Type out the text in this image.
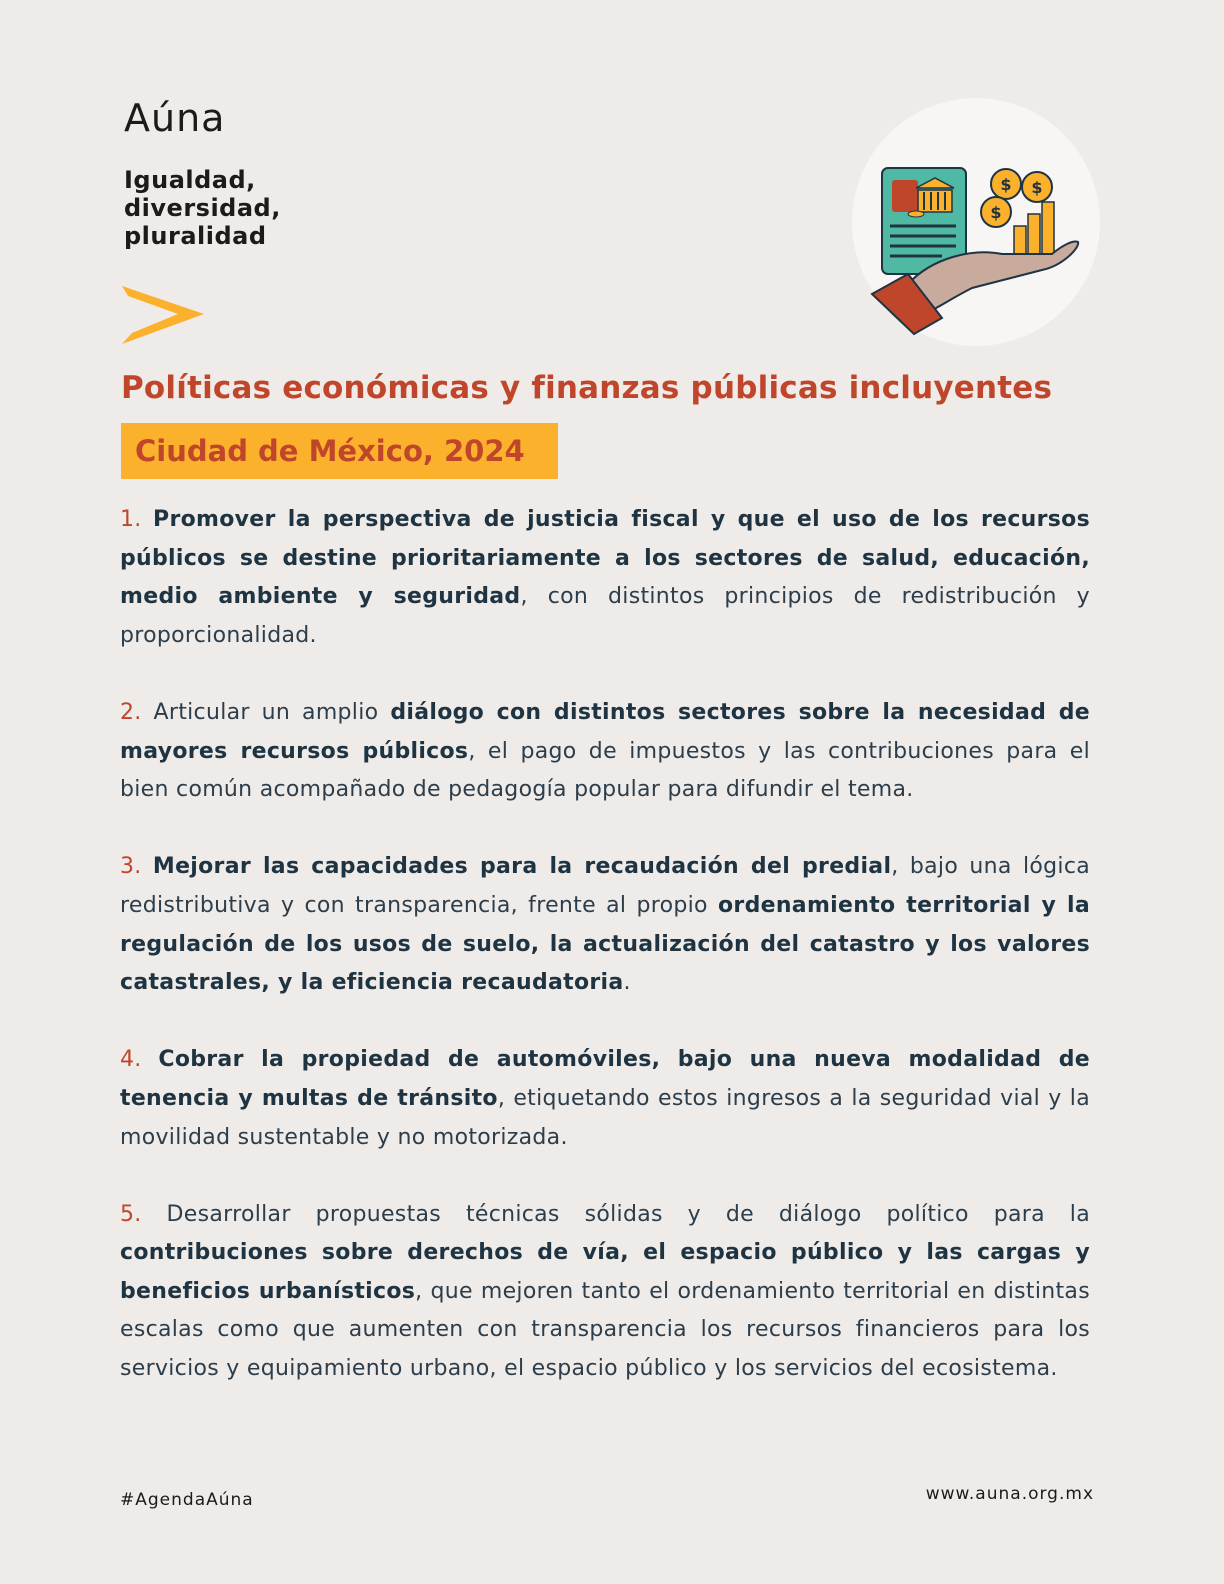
Aúna
Igualdad,
diversidad,
pluralidad
$ $
$
Políticas económicas y finanzas públicas incluyentes
Ciudad de México, 2024

1. Promover la perspectiva de justicia fiscal y que el uso de los recursos públicos se destine prioritariamente a los sectores de salud, educación, medio ambiente y seguridad, con distintos principios de redistribución y proporcionalidad.

2. Articular un amplio diálogo con distintos sectores sobre la necesidad de mayores recursos públicos, el pago de impuestos y las contribuciones para el bien común acompañado de pedagogía popular para difundir el tema.

3. Mejorar las capacidades para la recaudación del predial, bajo una lógica redistributiva y con transparencia, frente al propio ordenamiento territorial y la regulación de los usos de suelo, la actualización del catastro y los valores catastrales, y la eficiencia recaudatoria.

4. Cobrar la propiedad de automóviles, bajo una nueva modalidad de tenencia y multas de tránsito, etiquetando estos ingresos a la seguridad vial y la movilidad sustentable y no motorizada.

5. Desarrollar propuestas técnicas sólidas y de diálogo político para la contribuciones sobre derechos de vía, el espacio público y las cargas y beneficios urbanísticos, que mejoren tanto el ordenamiento territorial en distintas escalas como que aumenten con transparencia los recursos financieros para los servicios y equipamiento urbano, el espacio público y los servicios del ecosistema.

#AgendaAúna	www.auna.org.mx
